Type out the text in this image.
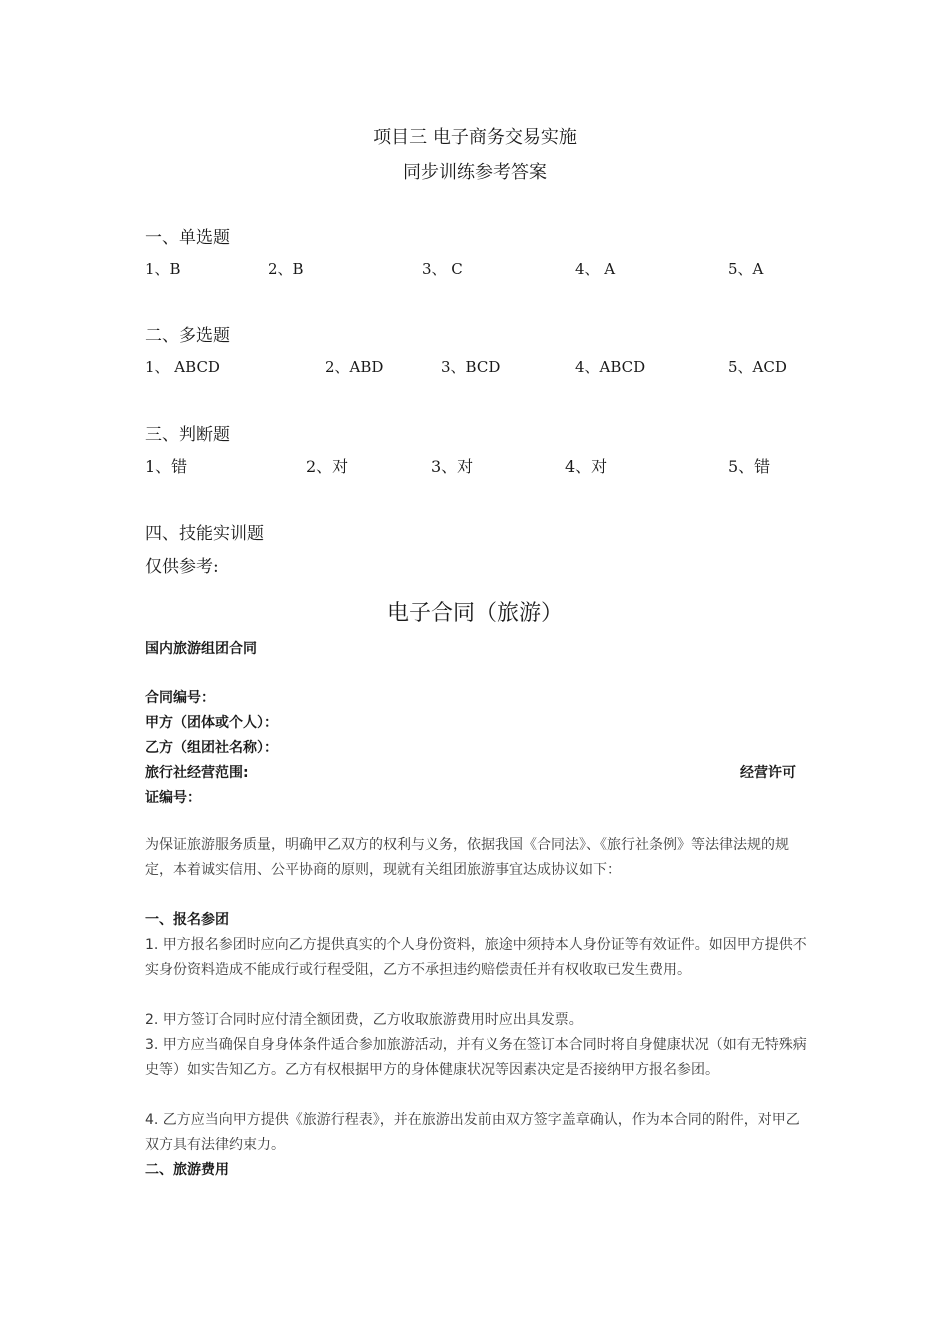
项目三 电子商务交易实施
同步训练参考答案
一、单选题
1、B	2、B	3、 C	4、 A	5、A
二、多选题
1、 ABCD	2、ABD	3、BCD	4、ABCD	5、ACD
三、判断题
1、错	2、对	3、对	4、对	5、错
四、技能实训题
仅供参考:
电子合同（旅游）
国内旅游组团合同
合同编号：
甲方（团体或个人）：
乙方（组团社名称）：
旅行社经营范围:	经营许可
证编号：
为保证旅游服务质量，明确甲乙双方的权利与义务，依据我国《合同法》、《旅行社条例》等法律法规的规定，本着诚实信用、公平协商的原则，现就有关组团旅游事宜达成协议如下：
一、报名参团
1. 甲方报名参团时应向乙方提供真实的个人身份资料，旅途中须持本人身份证等有效证件。如因甲方提供不实身份资料造成不能成行或行程受阻，乙方不承担违约赔偿责任并有权收取已发生费用。
2. 甲方签订合同时应付清全额团费，乙方收取旅游费用时应出具发票。
3. 甲方应当确保自身身体条件适合参加旅游活动，并有义务在签订本合同时将自身健康状况（如有无特殊病史等）如实告知乙方。乙方有权根据甲方的身体健康状况等因素决定是否接纳甲方报名参团。
4. 乙方应当向甲方提供《旅游行程表》，并在旅游出发前由双方签字盖章确认，作为本合同的附件，对甲乙双方具有法律约束力。
二、旅游费用
